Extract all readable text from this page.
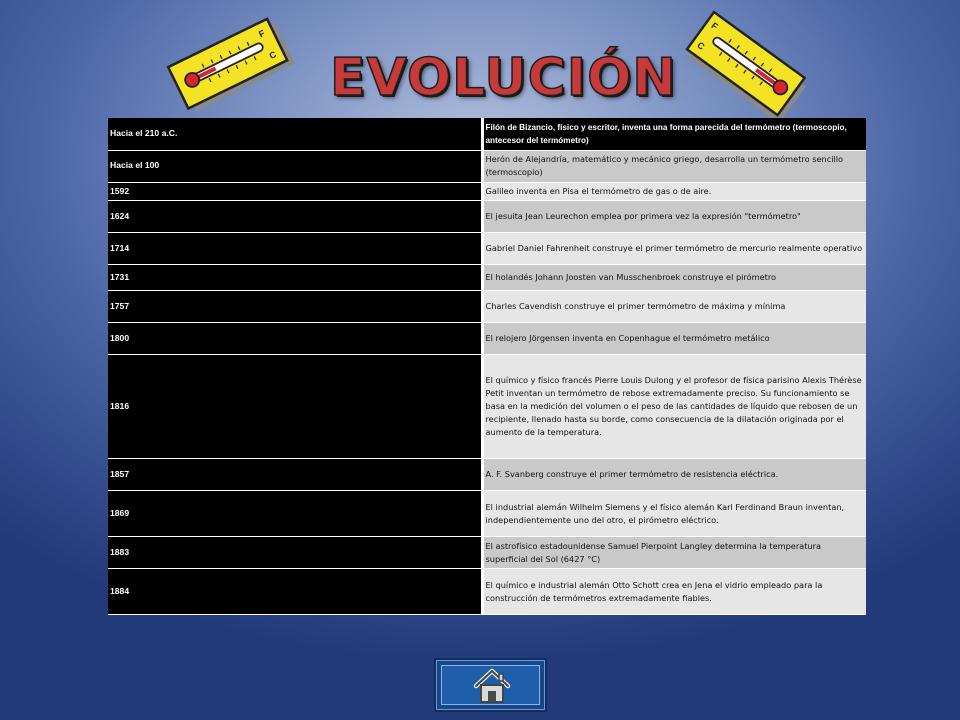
F
C
F
C
EVOLUCIÓN
Hacia el 210 a.C.	Filón de Bizancio, físico y escritor, inventa una forma parecida del termómetro (termoscopio, antecesor del termómetro)
Hacia el 100	Herón de Alejandría, matemático y mecánico griego, desarrolla un termómetro sencillo (termoscopio)
1592	Galileo inventa en Pisa el termómetro de gas o de aire.
1624	El jesuita Jean Leurechon emplea por primera vez la expresión "termómetro"
1714	Gabriel Daniel Fahrenheit construye el primer termómetro de mercurio realmente operativo
1731	El holandés Johann Joosten van Musschenbroek construye el pirómetro
1757	Charles Cavendish construye el primer termómetro de máxima y mínima
1800	El relojero Jörgensen inventa en Copenhague el termómetro metálico
1816	El químico y físico francés Pierre Louis Dulong y el profesor de física parisino Alexis Thérèse Petit inventan un termómetro de rebose extremadamente preciso. Su funcionamiento se basa en la medición del volumen o el peso de las cantidades de líquido que rebosen de un recipiente, llenado hasta su borde, como consecuencia de la dilatación originada por el aumento de la temperatura.
1857	A. F. Svanberg construye el primer termómetro de resistencia eléctrica.
1869	El industrial alemán Wilhelm Siemens y el físico alemán Karl Ferdinand Braun inventan, independientemente uno del otro, el pirómetro eléctrico.
1883	El astrofísico estadounidense Samuel Pierpoint Langley determina la temperatura superficial del Sol (6427 °C)
1884	El químico e industrial alemán Otto Schott crea en Jena el vidrio empleado para la construcción de termómetros extremadamente fiables.
